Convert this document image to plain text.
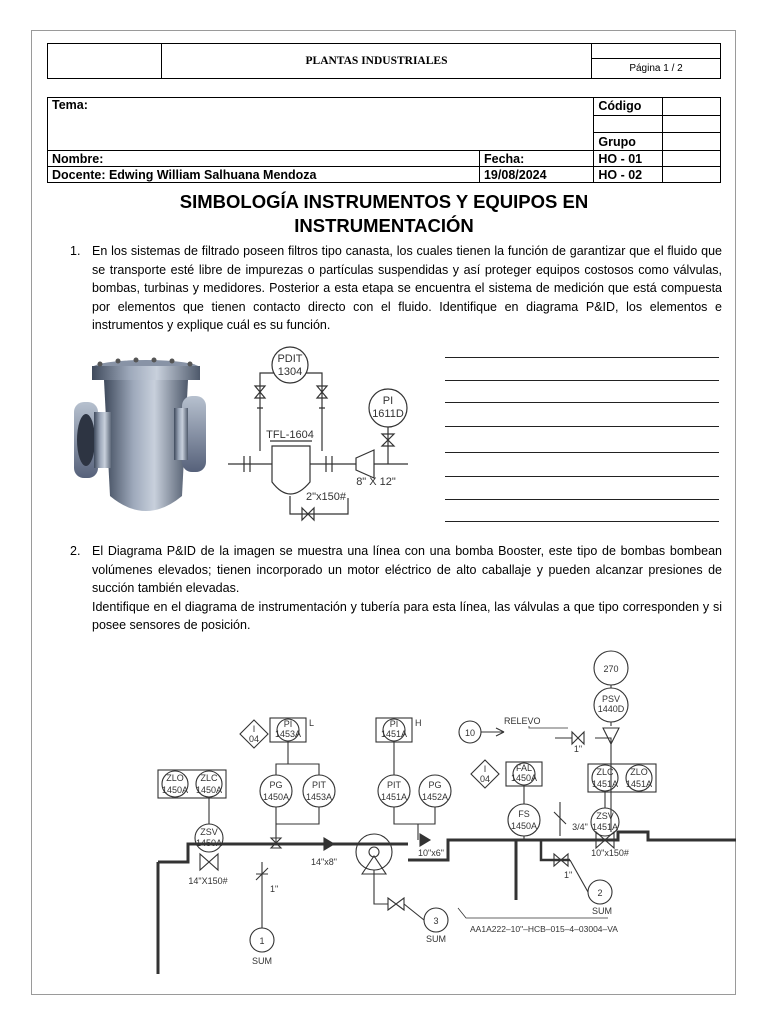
	PLANTAS INDUSTRIALES	
Página 1 / 2
Tema:		Código	

		Grupo	
Nombre:	Fecha:	HO - 01	
Docente: Edwing William Salhuana Mendoza	19/08/2024	HO - 02	
SIMBOLOGÍA INSTRUMENTOS Y EQUIPOS EN
INSTRUMENTACIÓN
1. En los sistemas de filtrado poseen filtros tipo canasta, los cuales tienen la función de garantizar que el fluido que se transporte esté libre de impurezas o partículas suspendidas y así proteger equipos costosos como válvulas, bombas, turbinas y medidores. Posterior a esta etapa se encuentra el sistema de medición que está compuesta por elementos que tienen contacto directo con el fluido. Identifique en diagrama P&ID, los elementos e instrumentos y explique cuál es su función.

PDIT
1304
PI
1611D
TFL-1604
8" X 12"
2"x150#
2. El Diagrama P&ID de la imagen se muestra una línea con una bomba Booster, este tipo de bombas bombean volúmenes elevados; tienen incorporado un motor eléctrico de alto caballaje y pueden alcanzar presiones de succión también elevadas.

Identifique en el diagrama de instrumentación y tubería para esta línea, las válvulas a que tipo corresponden y si posee sensores de posición.

270
PSV
1440D
RELEVO
10
1"
PI
1453A
L
I
04
PI
1451A
H
I
04
FAL
1450A
ZLO
1450A
ZLC
1450A
ZLC
1451A
ZLO
1451A
PG
1450A
PIT
1453A
PIT
1451A
PG
1452A
FS
1450A
ZSV
1450A
ZSV
1451A
14"X150#
1"
1
SUM
14"x8"
3
SUM
10"x6"
3/4"
10"x150#
1"
2
SUM
AA1A222–10"–HCB–015–4–03004–VA
